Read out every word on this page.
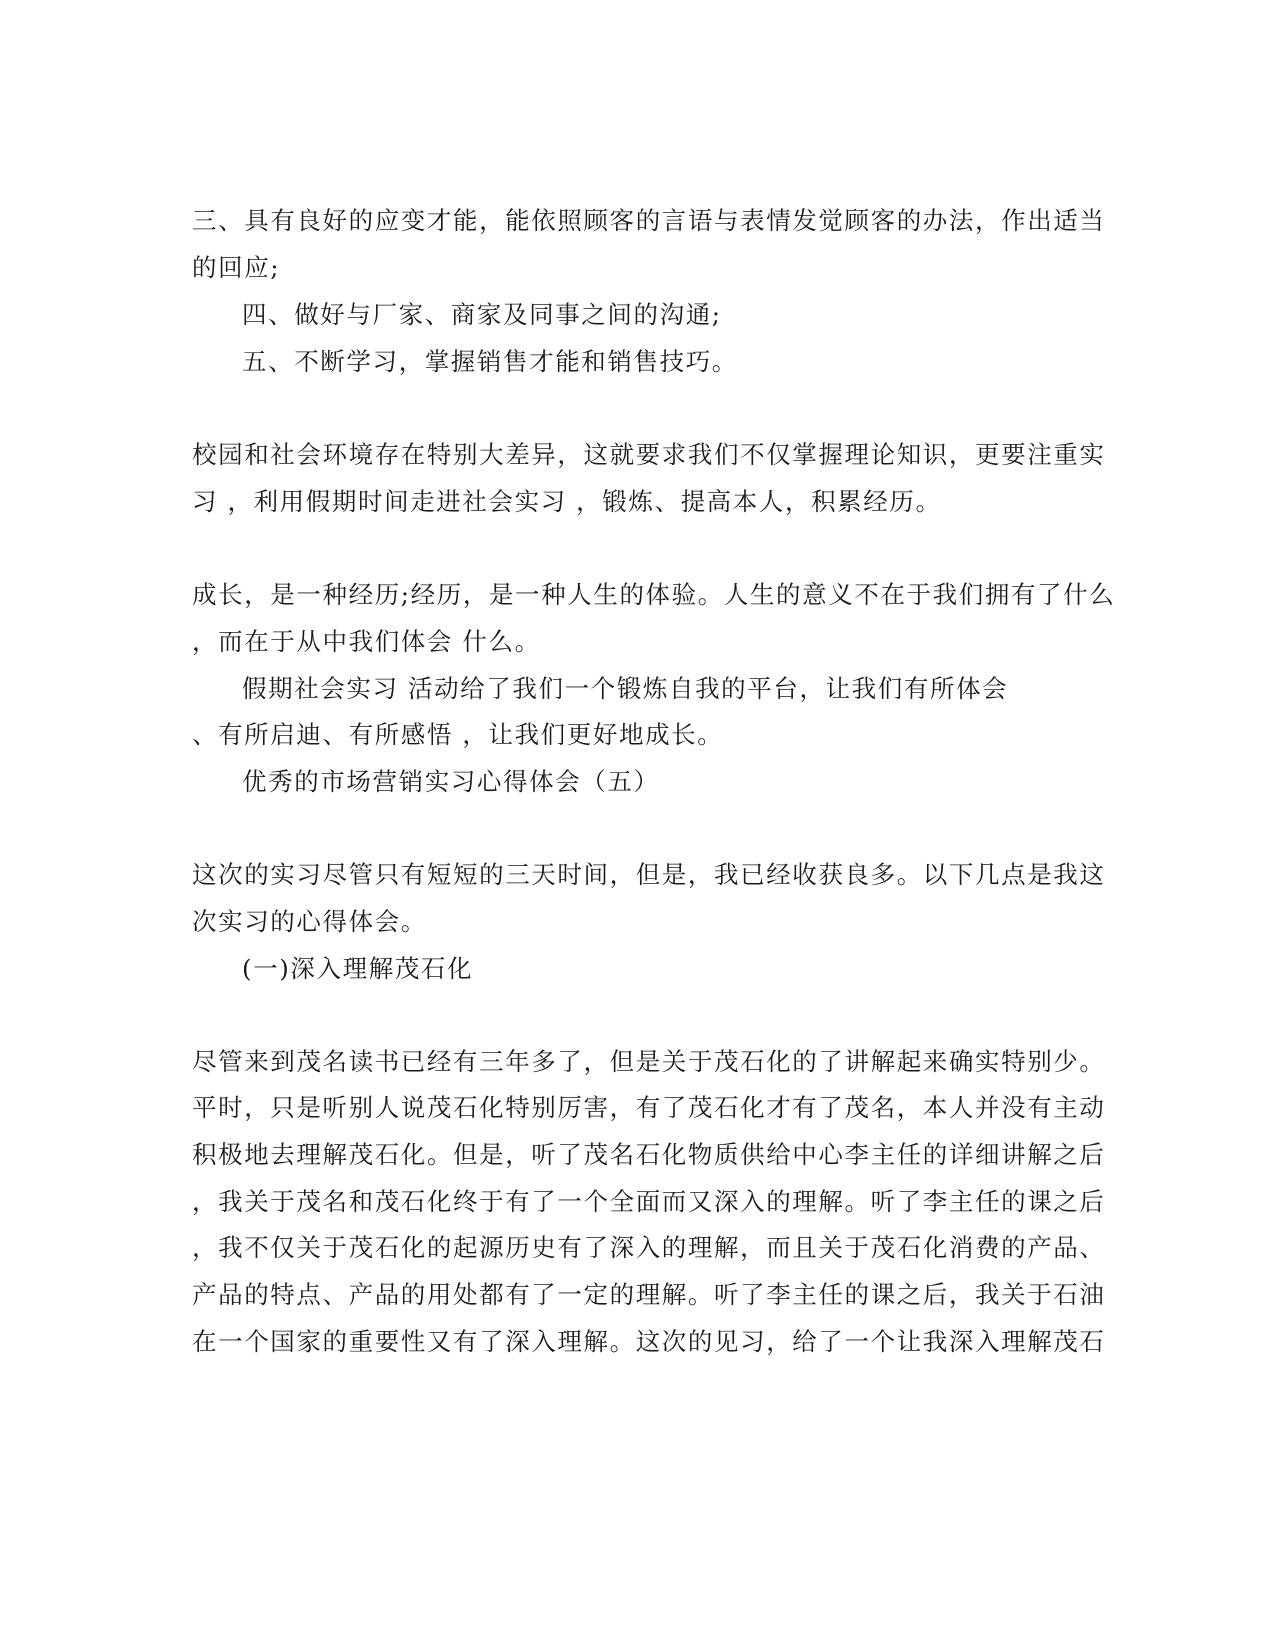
三、具有良好的应变才能，能依照顾客的言语与表情发觉顾客的办法，作出适当
的回应;
四、做好与厂家、商家及同事之间的沟通;
五、不断学习，掌握销售才能和销售技巧。
校园和社会环境存在特别大差异，这就要求我们不仅掌握理论知识，更要注重实
习 ，利用假期时间走进社会实习 ，锻炼、提高本人，积累经历。
成长，是一种经历;经历，是一种人生的体验。人生的意义不在于我们拥有了什么
，而在于从中我们体会 什么。
假期社会实习 活动给了我们一个锻炼自我的平台，让我们有所体会
、有所启迪、有所感悟 ，让我们更好地成长。
优秀的市场营销实习心得体会（五）
这次的实习尽管只有短短的三天时间，但是，我已经收获良多。以下几点是我这
次实习的心得体会。
(一)深入理解茂石化
尽管来到茂名读书已经有三年多了，但是关于茂石化的了讲解起来确实特别少。
平时，只是听别人说茂石化特别厉害，有了茂石化才有了茂名，本人并没有主动
积极地去理解茂石化。但是，听了茂名石化物质供给中心李主任的详细讲解之后
，我关于茂名和茂石化终于有了一个全面而又深入的理解。听了李主任的课之后
，我不仅关于茂石化的起源历史有了深入的理解，而且关于茂石化消费的产品、
产品的特点、产品的用处都有了一定的理解。听了李主任的课之后，我关于石油
在一个国家的重要性又有了深入理解。这次的见习，给了一个让我深入理解茂石
